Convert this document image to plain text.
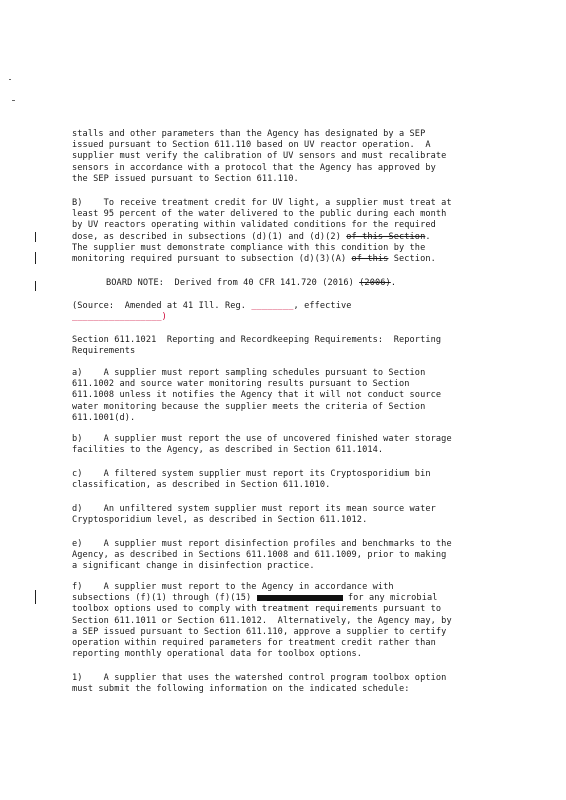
stalls and other parameters than the Agency has designated by a SEP
issued pursuant to Section 611.110 based on UV reactor operation.  A
supplier must verify the calibration of UV sensors and must recalibrate
sensors in accordance with a protocol that the Agency has approved by
the SEP issued pursuant to Section 611.110.
B)    To receive treatment credit for UV light, a supplier must treat at
least 95 percent of the water delivered to the public during each month
by UV reactors operating within validated conditions for the required
dose, as described in subsections (d)(1) and (d)(2) of this Section.
The supplier must demonstrate compliance with this condition by the
monitoring required pursuant to subsection (d)(3)(A) of this Section.
BOARD NOTE:  Derived from 40 CFR 141.720 (2016) (2006).
(Source:  Amended at 41 Ill. Reg. ________, effective
_________________)
Section 611.1021  Reporting and Recordkeeping Requirements:  Reporting
Requirements
a)    A supplier must report sampling schedules pursuant to Section
611.1002 and source water monitoring results pursuant to Section
611.1008 unless it notifies the Agency that it will not conduct source
water monitoring because the supplier meets the criteria of Section
611.1001(d).
b)    A supplier must report the use of uncovered finished water storage
facilities to the Agency, as described in Section 611.1014.
c)    A filtered system supplier must report its Cryptosporidium bin
classification, as described in Section 611.1010.
d)    An unfiltered system supplier must report its mean source water
Cryptosporidium level, as described in Section 611.1012.
e)    A supplier must report disinfection profiles and benchmarks to the
Agency, as described in Sections 611.1008 and 611.1009, prior to making
a significant change in disinfection practice.
f)    A supplier must report to the Agency in accordance with
subsections (f)(1) through (f)(15)	for any microbial
toolbox options used to comply with treatment requirements pursuant to
Section 611.1011 or Section 611.1012.  Alternatively, the Agency may, by
a SEP issued pursuant to Section 611.110, approve a supplier to certify
operation within required parameters for treatment credit rather than
reporting monthly operational data for toolbox options.
1)    A supplier that uses the watershed control program toolbox option
must submit the following information on the indicated schedule:
